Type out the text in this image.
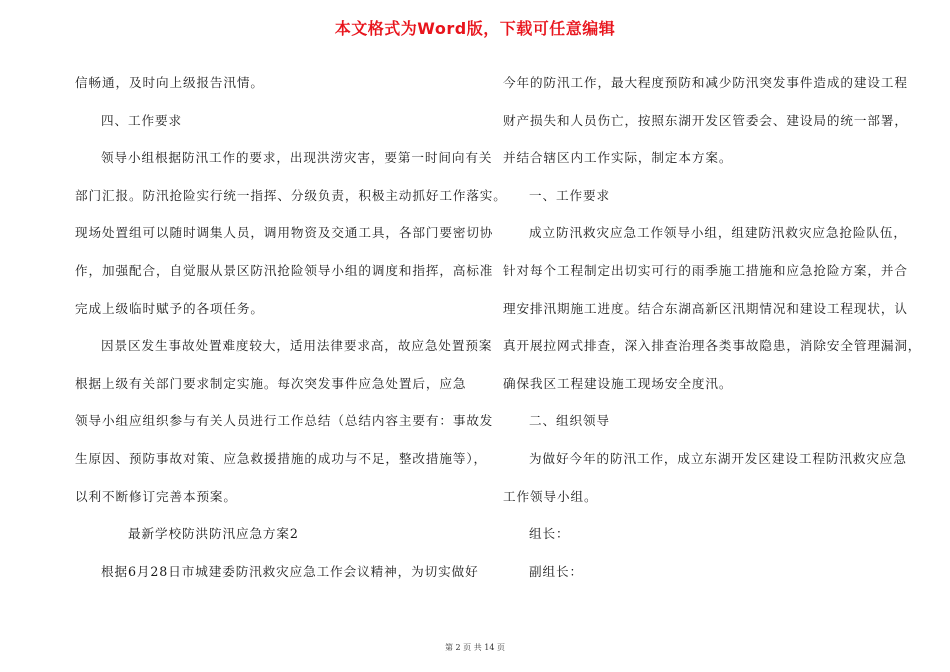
本文格式为Word版，下载可任意编辑
信畅通，及时向上级报告汛情。
四、工作要求
领导小组根据防汛工作的要求，出现洪涝灾害，要第一时间向有关
部门汇报。防汛抢险实行统一指挥、分级负责，积极主动抓好工作落实。
现场处置组可以随时调集人员，调用物资及交通工具，各部门要密切协
作，加强配合，自觉服从景区防汛抢险领导小组的调度和指挥，高标准
完成上级临时赋予的各项任务。
因景区发生事故处置难度较大，适用法律要求高，故应急处置预案
根据上级有关部门要求制定实施。每次突发事件应急处置后，应急
领导小组应组织参与有关人员进行工作总结（总结内容主要有：事故发
生原因、预防事故对策、应急救援措施的成功与不足，整改措施等），
以利不断修订完善本预案。
最新学校防洪防汛应急方案2
根据6月28日市城建委防汛救灾应急工作会议精神，为切实做好
今年的防汛工作，最大程度预防和减少防汛突发事件造成的建设工程
财产损失和人员伤亡，按照东湖开发区管委会、建设局的统一部署，
并结合辖区内工作实际，制定本方案。
一、工作要求
成立防汛救灾应急工作领导小组，组建防汛救灾应急抢险队伍，
针对每个工程制定出切实可行的雨季施工措施和应急抢险方案，并合
理安排汛期施工进度。结合东湖高新区汛期情况和建设工程现状，认
真开展拉网式排查，深入排查治理各类事故隐患，消除安全管理漏洞，
确保我区工程建设施工现场安全度汛。
二、组织领导
为做好今年的防汛工作，成立东湖开发区建设工程防汛救灾应急
工作领导小组。
组长：
副组长：
第 2 页 共 14 页
